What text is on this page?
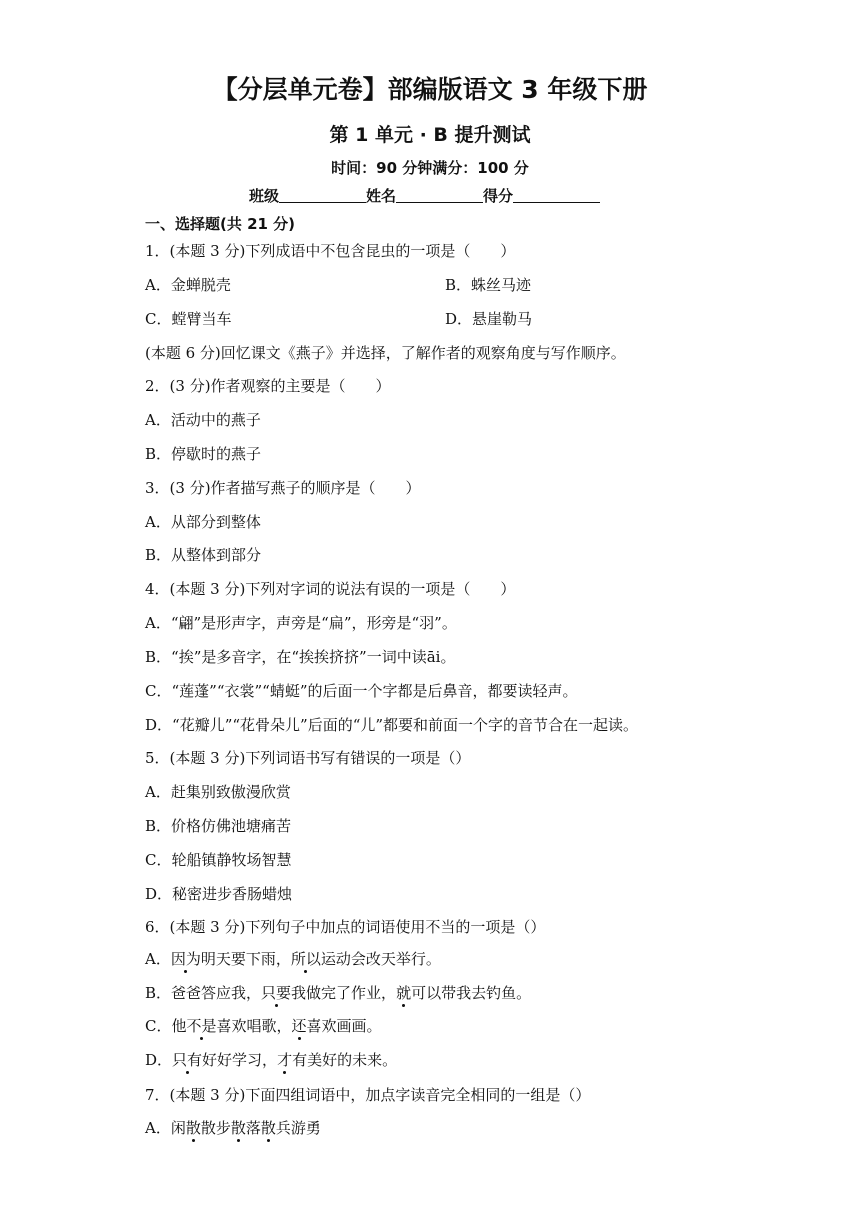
【分层单元卷】部编版语文 3 年级下册
第 1 单元 · B 提升测试
时间：90 分钟满分：100 分
班级	姓名	得分
一、选择题(共 21 分)
1．(本题 3 分)下列成语中不包含昆虫的一项是（　　）
A．金蝉脱壳	B．蛛丝马迹
C．螳臂当车	D．悬崖勒马
(本题 6 分)回忆课文《燕子》并选择，了解作者的观察角度与写作顺序。
2．(3 分)作者观察的主要是（　　）
A．活动中的燕子
B．停歇时的燕子
3．(3 分)作者描写燕子的顺序是（　　）
A．从部分到整体
B．从整体到部分
4．(本题 3 分)下列对字词的说法有误的一项是（　　）
A．“翩”是形声字，声旁是“扁”，形旁是“羽”。
B．“挨”是多音字，在“挨挨挤挤”一词中读āi。
C．“莲蓬”“衣裳”“蜻蜓”的后面一个字都是后鼻音，都要读轻声。
D．“花瓣儿”“花骨朵儿”后面的“儿”都要和前面一个字的音节合在一起读。
5．(本题 3 分)下列词语书写有错误的一项是（）
A．赶集别致傲漫欣赏
B．价格仿佛池塘痛苦
C．轮船镇静牧场智慧
D．秘密进步香肠蜡烛
6．(本题 3 分)下列句子中加点的词语使用不当的一项是（）
A．因为明天要下雨，所以运动会改天举行。
B．爸爸答应我，只要我做完了作业，就可以带我去钓鱼。
C．他不是喜欢唱歌，还喜欢画画。
D．只有好好学习，才有美好的未来。
7．(本题 3 分)下面四组词语中，加点字读音完全相同的一组是（）
A．闲散散步散落散兵游勇
